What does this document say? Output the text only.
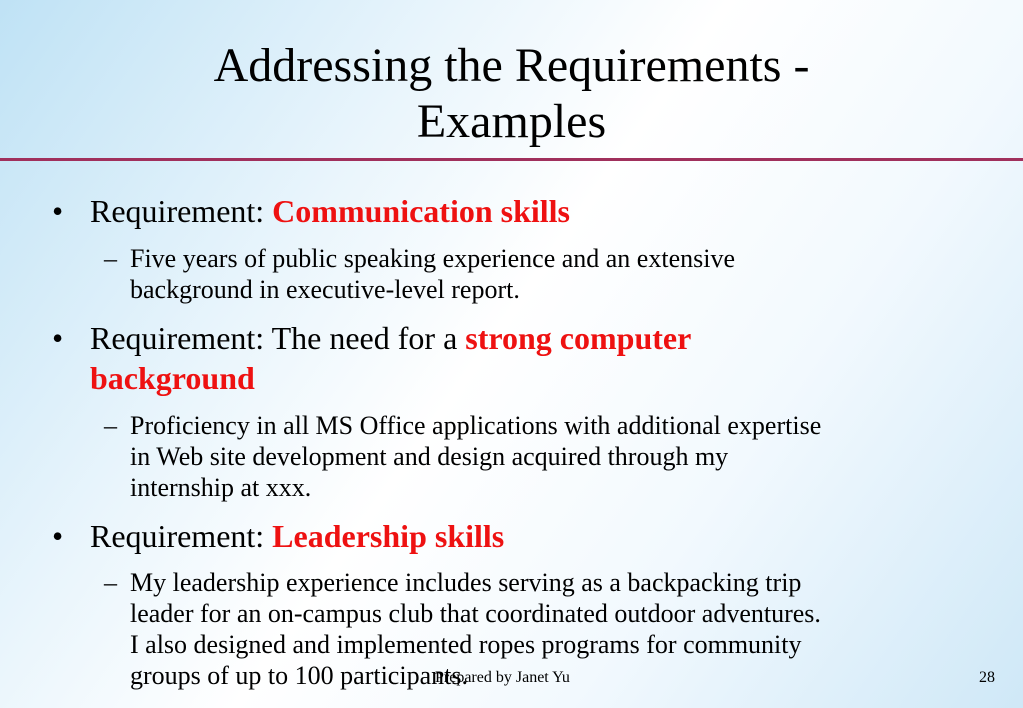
Addressing the Requirements -
Examples
• Requirement: Communication skills
– Five years of public speaking experience and an extensive
background in executive-level report.
• Requirement: The need for a strong computer
background
– Proficiency in all MS Office applications with additional expertise
in Web site development and design acquired through my
internship at xxx.
• Requirement: Leadership skills
– My leadership experience includes serving as a backpacking trip
leader for an on-campus club that coordinated outdoor adventures.
I also designed and implemented ropes programs for community
groups of up to 100 participants.
Prepared by Janet Yu	28
